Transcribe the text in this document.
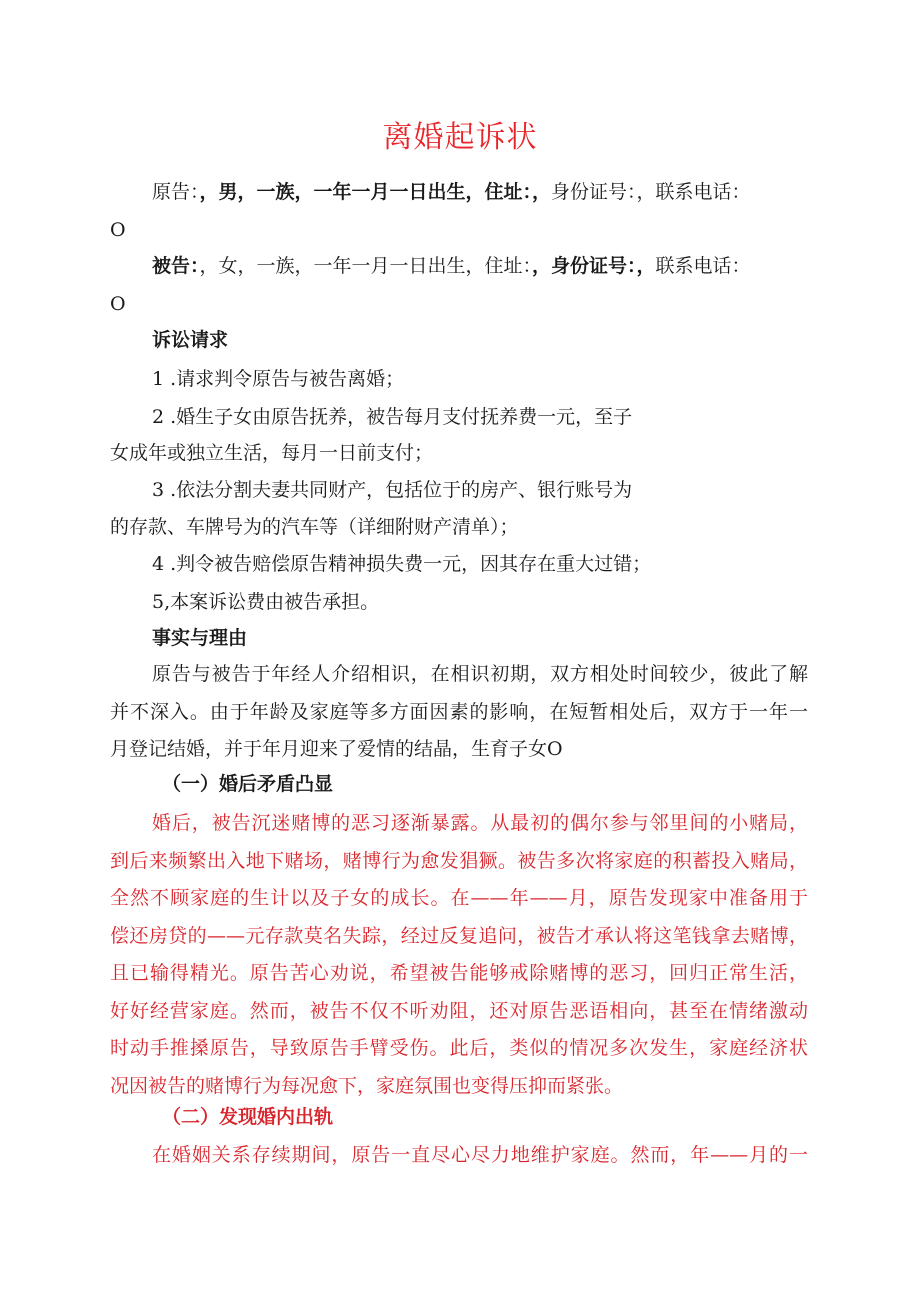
离婚起诉状

原告：，男，一族，一年一月一日出生，住址：，身份证号：，联系电话：

O

被告：，女，一族，一年一月一日出生，住址：，身份证号：，联系电话：

O

诉讼请求

1 .请求判令原告与被告离婚；

2 .婚生子女由原告抚养，被告每月支付抚养费一元，至子

女成年或独立生活，每月一日前支付；

3 .依法分割夫妻共同财产，包括位于的房产、银行账号为

的存款、车牌号为的汽车等（详细附财产清单）；

4 .判令被告赔偿原告精神损失费一元，因其存在重大过错；

5,本案诉讼费由被告承担。

事实与理由

原告与被告于年经人介绍相识，在相识初期，双方相处时间较少，彼此了解
并不深入。由于年龄及家庭等多方面因素的影响，在短暂相处后，双方于一年一
月登记结婚，并于年月迎来了爱情的结晶，生育子女O

（一）婚后矛盾凸显

婚后，被告沉迷赌博的恶习逐渐暴露。从最初的偶尔参与邻里间的小赌局，
到后来频繁出入地下赌场，赌博行为愈发猖獗。被告多次将家庭的积蓄投入赌局，
全然不顾家庭的生计以及子女的成长。在——年——月，原告发现家中准备用于
偿还房贷的——元存款莫名失踪，经过反复追问，被告才承认将这笔钱拿去赌博，
且已输得精光。原告苦心劝说，希望被告能够戒除赌博的恶习，回归正常生活，
好好经营家庭。然而，被告不仅不听劝阻，还对原告恶语相向，甚至在情绪激动
时动手推搡原告，导致原告手臂受伤。此后，类似的情况多次发生，家庭经济状
况因被告的赌博行为每况愈下，家庭氛围也变得压抑而紧张。

（二）发现婚内出轨

在婚姻关系存续期间，原告一直尽心尽力地维护家庭。然而，年——月的一
